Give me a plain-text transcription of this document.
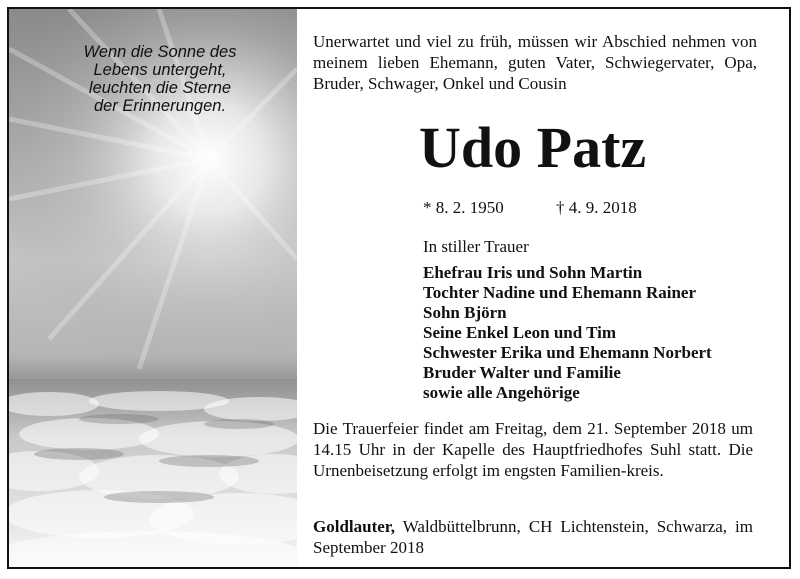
Wenn die Sonne des
Lebens untergeht,
leuchten die Sterne
der Erinnerungen.
Unerwartet und viel zu früh, müssen wir Abschied nehmen von meinem lieben Ehemann, guten Vater, Schwiegervater, Opa, Bruder, Schwager, Onkel und Cousin
Udo Patz
* 8. 2. 1950	† 4. 9. 2018
In stiller Trauer
Ehefrau Iris und Sohn Martin
Tochter Nadine und Ehemann Rainer
Sohn Björn
Seine Enkel Leon und Tim
Schwester Erika und Ehemann Norbert
Bruder Walter und Familie
sowie alle Angehörige
Die Trauerfeier findet am Freitag, dem 21. September 2018 um 14.15 Uhr in der Kapelle des Hauptfriedhofes Suhl statt. Die Urnenbeisetzung erfolgt im engsten Familien-kreis.
Goldlauter, Waldbüttelbrunn, CH Lichtenstein, Schwarza, im September 2018
